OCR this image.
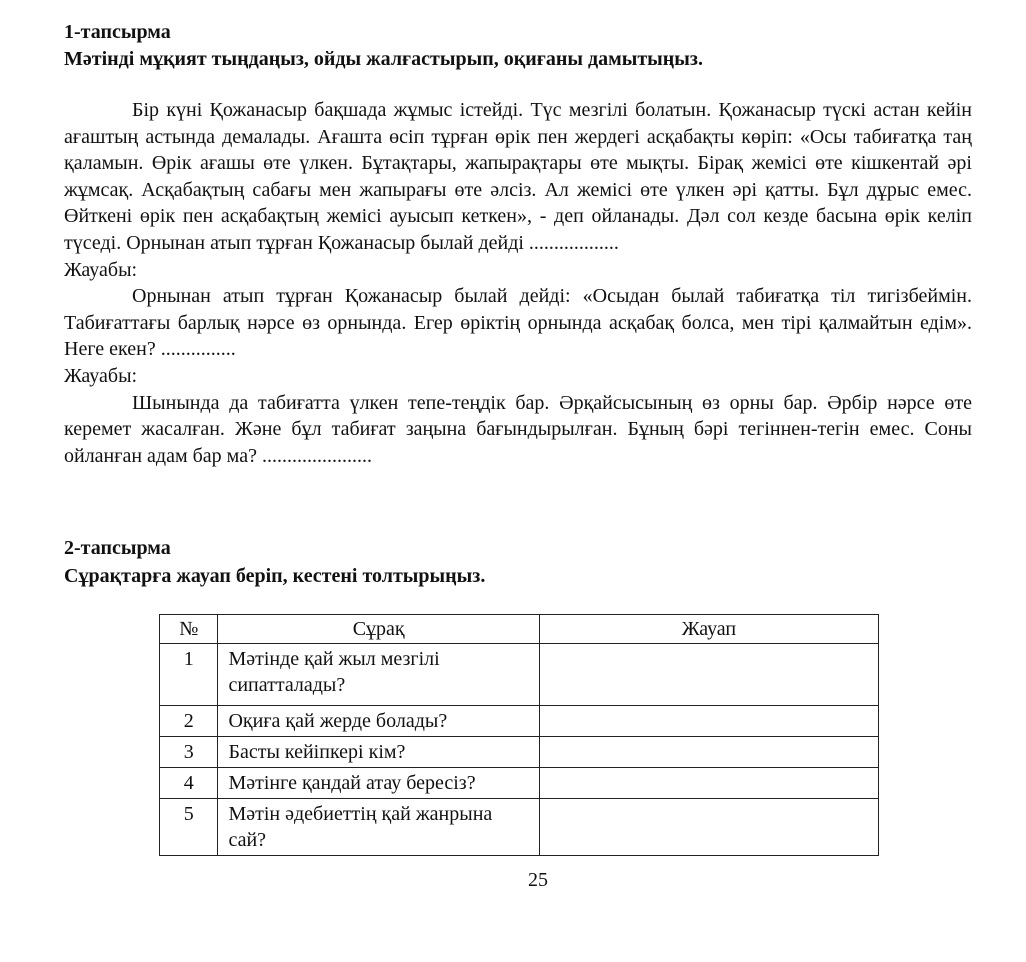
1-тапсырма

Мәтінді мұқият тыңдаңыз, ойды жалғастырып, оқиғаны дамытыңыз.

Бір күні Қожанасыр бақшада жұмыс істейді. Түс мезгілі болатын. Қожанасыр түскі астан кейін ағаштың астында демалады. Ағашта өсіп тұрған өрік пен жердегі асқабақты көріп: «Осы табиғатқа таң қаламын. Өрік ағашы өте үлкен. Бұтақтары, жапырақтары өте мықты. Бірақ жемісі өте кішкентай әрі жұмсақ. Асқабақтың сабағы мен жапырағы өте әлсіз. Ал жемісі өте үлкен әрі қатты. Бұл дұрыс емес. Өйткені өрік пен асқабақтың жемісі ауысып кеткен», - деп ойланады. Дәл сол кезде басына өрік келіп түседі. Орнынан атып тұрған Қожанасыр былай дейді ..................

Жауабы:

Орнынан атып тұрған Қожанасыр былай дейді: «Осыдан былай табиғатқа тіл тигізбеймін. Табиғаттағы барлық нәрсе өз орнында. Егер өріктің орнында асқабақ болса, мен тірі қалмайтын едім». Неге екен? ...............

Жауабы:

Шынында да табиғатта үлкен тепе-теңдік бар. Әрқайсысының өз орны бар. Әрбір нәрсе өте керемет жасалған. Және бұл табиғат заңына бағындырылған. Бұның бәрі тегіннен-тегін емес. Соны ойланған адам бар ма? ......................

2-тапсырма

Сұрақтарға жауап беріп, кестені толтырыңыз.

№	Сұрақ	Жауап
1	Мәтінде қай жыл мезгілі сипатталады?	
2	Оқиға қай жерде болады?	
3	Басты кейіпкері кім?	
4	Мәтінге қандай атау бересіз?	
5	Мәтін әдебиеттің қай жанрына сай?	
25
